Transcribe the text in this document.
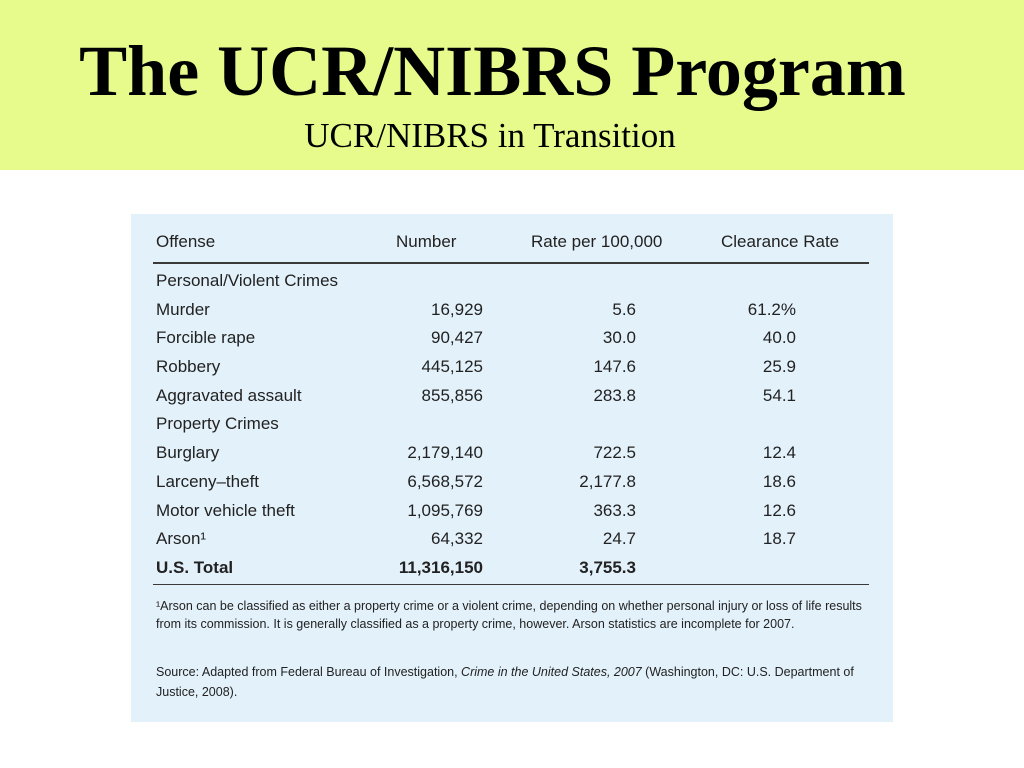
The UCR/NIBRS Program
UCR/NIBRS in Transition
Offense	Number	Rate per 100,000	Clearance Rate
Personal/Violent Crimes
Murder	16,929	5.6	61.2%
Forcible rape	90,427	30.0	40.0
Robbery	445,125	147.6	25.9
Aggravated assault	855,856	283.8	54.1
Property Crimes
Burglary	2,179,140	722.5	12.4
Larceny–theft	6,568,572	2,177.8	18.6
Motor vehicle theft	1,095,769	363.3	12.6
Arson¹	64,332	24.7	18.7
U.S. Total	11,316,150	3,755.3
¹Arson can be classified as either a property crime or a violent crime, depending on whether personal injury or loss of life results from its commission. It is generally classified as a property crime, however. Arson statistics are incomplete for 2007.
Source: Adapted from Federal Bureau of Investigation, Crime in the United States, 2007 (Washington, DC: U.S. Department of Justice, 2008).
